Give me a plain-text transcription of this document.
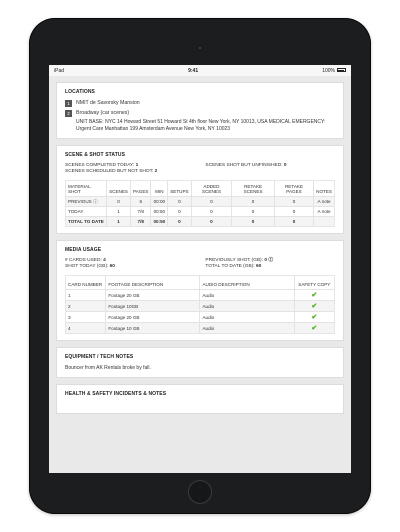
iPad	9:41	100%
LOCATIONS
1	NMIT de Savorsky Mansion
2	Broadway (car scenes)
UNIT BASE: NYC 14 Howard Street 51 Howard St 4th floor New York, NY 10013, USA MEDICAL EMERGENCY: Urgent Care Manhattan 199 Amsterdam Avenue New York, NY 10023
SCENE & SHOT STATUS
SCENES COMPLETED TODAY: 1
SCENES SCHEDULED BUT NOT SHOT: 2
SCENES SHOT BUT UNFINISHED: 0
MATERIAL SHOT	SCENES	PAGES	MIN	SETUPS	ADDED SCENES	RETAKE SCENES	RETAKE PAGES	NOTES
PREVIOUS ⓘ	0	6	00:00	0	0	0	0	A note
TODAY	1	7/8	00:50	0	0	0	0	A note
TOTAL TO DATE	1	7/8	00:50	0	0	0	0	
MEDIA USAGE
# CARDS USED: 4
SHOT TODAY (GB): 60
PREVIOUSLY SHOT (GB): 0 Ⓘ
TOTAL TO DATE (GB): 60
CARD NUMBER	FOOTAGE DESCRIPTION	AUDIO DESCRIPTION	SAFETY COPY
1	Footage 20 GB	Audio	✔
2	Footage 10GB	Audio	✔
3	Footage 20 GB	Audio	✔
4	Footage 10 GB	Audio	✔
EQUIPMENT / TECH NOTES
Bouncer from AK Rentals broke by fall.
HEALTH & SAFETY INCIDENTS & NOTES
